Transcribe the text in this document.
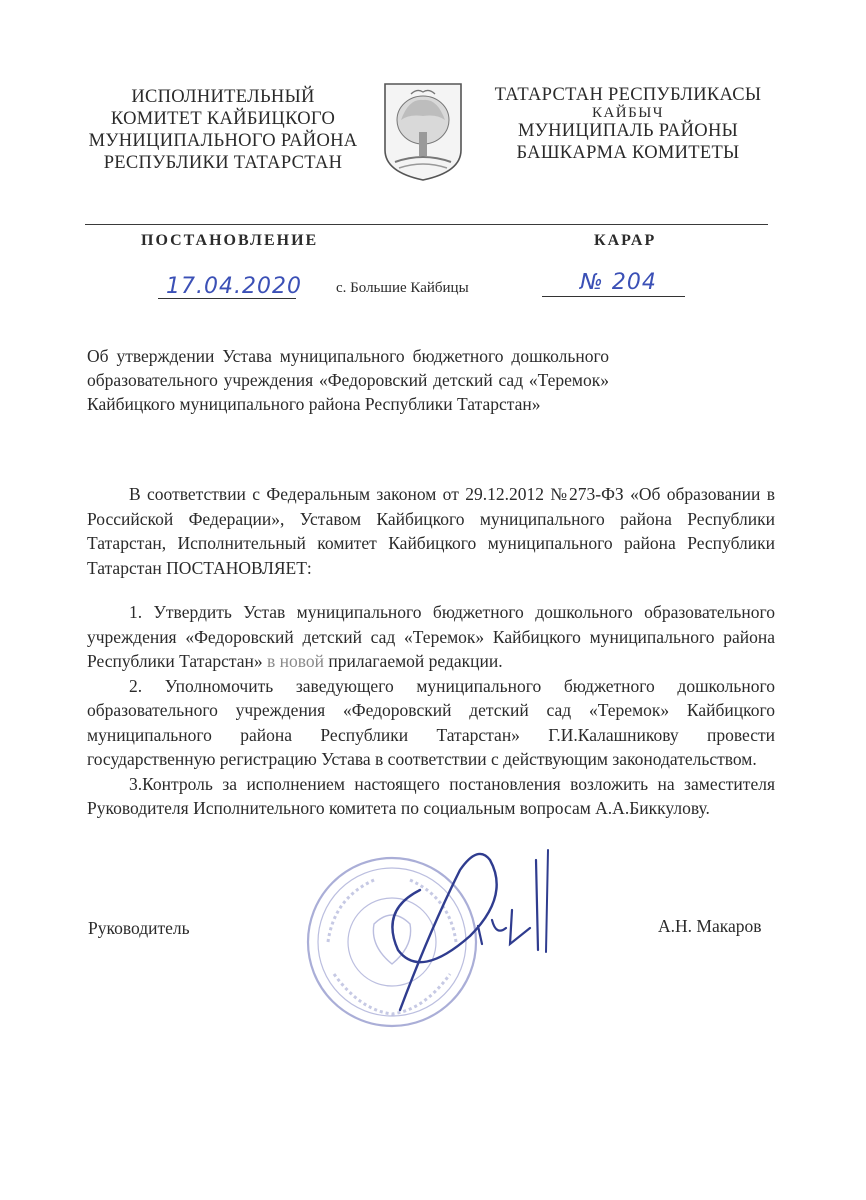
ИСПОЛНИТЕЛЬНЫЙ
КОМИТЕТ КАЙБИЦКОГО
МУНИЦИПАЛЬНОГО РАЙОНА
РЕСПУБЛИКИ ТАТАРСТАН
ТАТАРСТАН РЕСПУБЛИКАСЫ
КАЙБЫЧ
МУНИЦИПАЛЬ РАЙОНЫ
БАШКАРМА КОМИТЕТЫ
ПОСТАНОВЛЕНИЕ	КАРАР
17.04.2020 с. Большие Кайбицы	№ 204
Об утверждении Устава муниципального бюджетного дошкольного образовательного учреждения «Федоровский детский сад «Теремок» Кайбицкого муниципального района Республики Татарстан»

В соответствии с Федеральным законом от 29.12.2012 №273-ФЗ «Об образовании в Российской Федерации», Уставом Кайбицкого муниципального района Республики Татарстан, Исполнительный комитет Кайбицкого муниципального района Республики Татарстан ПОСТАНОВЛЯЕТ:

1. Утвердить Устав муниципального бюджетного дошкольного образовательного учреждения «Федоровский детский сад «Теремок» Кайбицкого муниципального района Республики Татарстан» в новой прилагаемой редакции.

2. Уполномочить заведующего муниципального бюджетного дошкольного образовательного учреждения «Федоровский детский сад «Теремок» Кайбицкого муниципального района Республики Татарстан» Г.И.Калашникову провести государственную регистрацию Устава в соответствии с действующим законодательством.

3.Контроль за исполнением настоящего постановления возложить на заместителя Руководителя Исполнительного комитета по социальным вопросам А.А.Биккулову.

Руководитель	А.Н. Макаров
